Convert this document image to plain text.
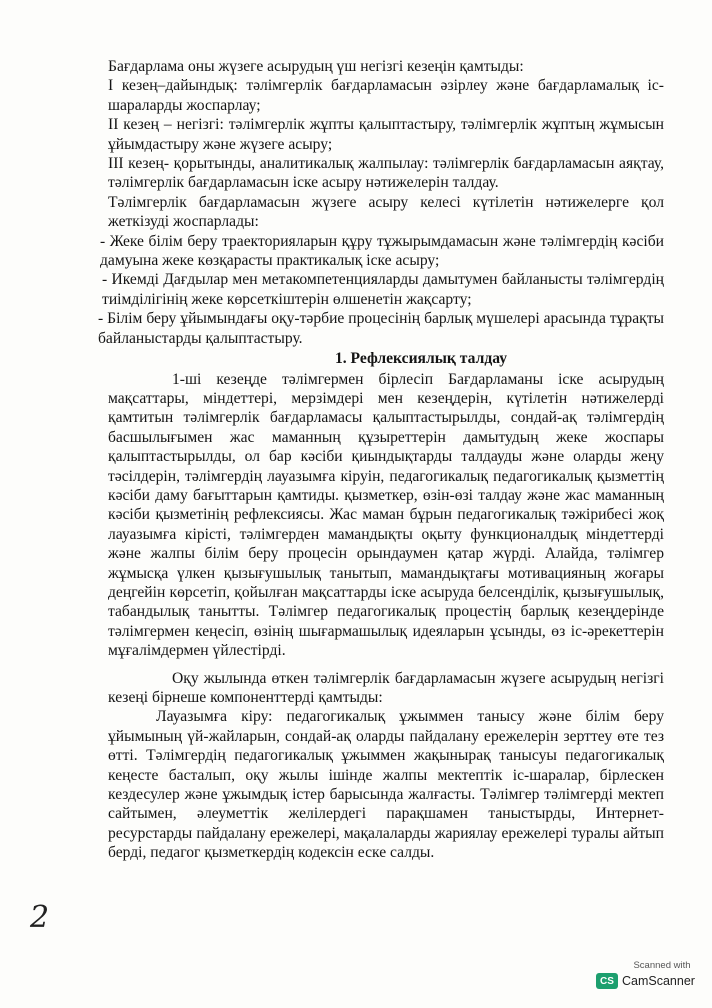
Бағдарлама оны жүзеге асырудың үш негізгі кезеңін қамтыды:

І кезең–дайындық: тәлімгерлік бағдарламасын әзірлеу және бағдарламалық іс-шараларды жоспарлау;

ІІ кезең – негізгі: тәлімгерлік жұпты қалыптастыру, тәлімгерлік жұптың жұмысын ұйымдастыру және жүзеге асыру;

ІІІ кезең- қорытынды, аналитикалық жалпылау: тәлімгерлік бағдарламасын аяқтау, тәлімгерлік бағдарламасын іске асыру нәтижелерін талдау.

Тәлімгерлік бағдарламасын жүзеге асыру келесі күтілетін нәтижелерге қол жеткізуді жоспарлады:

- Жеке білім беру траекторияларын құру тұжырымдамасын және тәлімгердің кәсіби дамуына жеке көзқарасты практикалық іске асыру;

- Икемді Дағдылар мен метакомпетенцияларды дамытумен байланысты тәлімгердің тиімділігінің жеке көрсеткіштерін өлшенетін жақсарту;

- Білім беру ұйымындағы оқу-тәрбие процесінің барлық мүшелері арасында тұрақты байланыстарды қалыптастыру.

1. Рефлексиялық талдау

1-ші кезеңде тәлімгермен бірлесіп Бағдарламаны іске асырудың мақсаттары, міндеттері, мерзімдері мен кезеңдерін, күтілетін нәтижелерді қамтитын тәлімгерлік бағдарламасы қалыптастырылды, сондай-ақ тәлімгердің басшылығымен жас маманның құзыреттерін дамытудың жеке жоспары қалыптастырылды, ол бар кәсіби қиындықтарды талдауды және оларды жеңу тәсілдерін, тәлімгердің лауазымға кіруін, педагогикалық педагогикалық қызметтің кәсіби даму бағыттарын қамтиды. қызметкер, өзін-өзі талдау және жас маманның кәсіби қызметінің рефлексиясы. Жас маман бұрын педагогикалық тәжірибесі жоқ лауазымға кірісті, тәлімгерден мамандықты оқыту функционалдық міндеттерді және жалпы білім беру процесін орындаумен қатар жүрді. Алайда, тәлімгер жұмысқа үлкен қызығушылық танытып, мамандықтағы мотивацияның жоғары деңгейін көрсетіп, қойылған мақсаттарды іске асыруда белсенділік, қызығушылық, табандылық танытты. Тәлімгер педагогикалық процестің барлық кезеңдерінде тәлімгермен кеңесіп, өзінің шығармашылық идеяларын ұсынды, өз іс-әрекеттерін мұғалімдермен үйлестірді.

Оқу жылында өткен тәлімгерлік бағдарламасын жүзеге асырудың негізгі кезеңі бірнеше компоненттерді қамтыды:

Лауазымға кіру: педагогикалық ұжыммен танысу және білім беру ұйымының үй-жайларын, сондай-ақ оларды пайдалану ережелерін зерттеу өте тез өтті. Тәлімгердің педагогикалық ұжыммен жақынырақ танысуы педагогикалық кеңесте басталып, оқу жылы ішінде жалпы мектептік іс-шаралар, бірлескен кездесулер және ұжымдық істер барысында жалғасты. Тәлімгер тәлімгерді мектеп сайтымен, әлеуметтік желілердегі парақшамен таныстырды, Интернет-ресурстарды пайдалану ережелері, мақалаларды жариялау ережелері туралы айтып берді, педагог қызметкердің кодексін еске салды.

2
Scanned with
CS CamScanner
